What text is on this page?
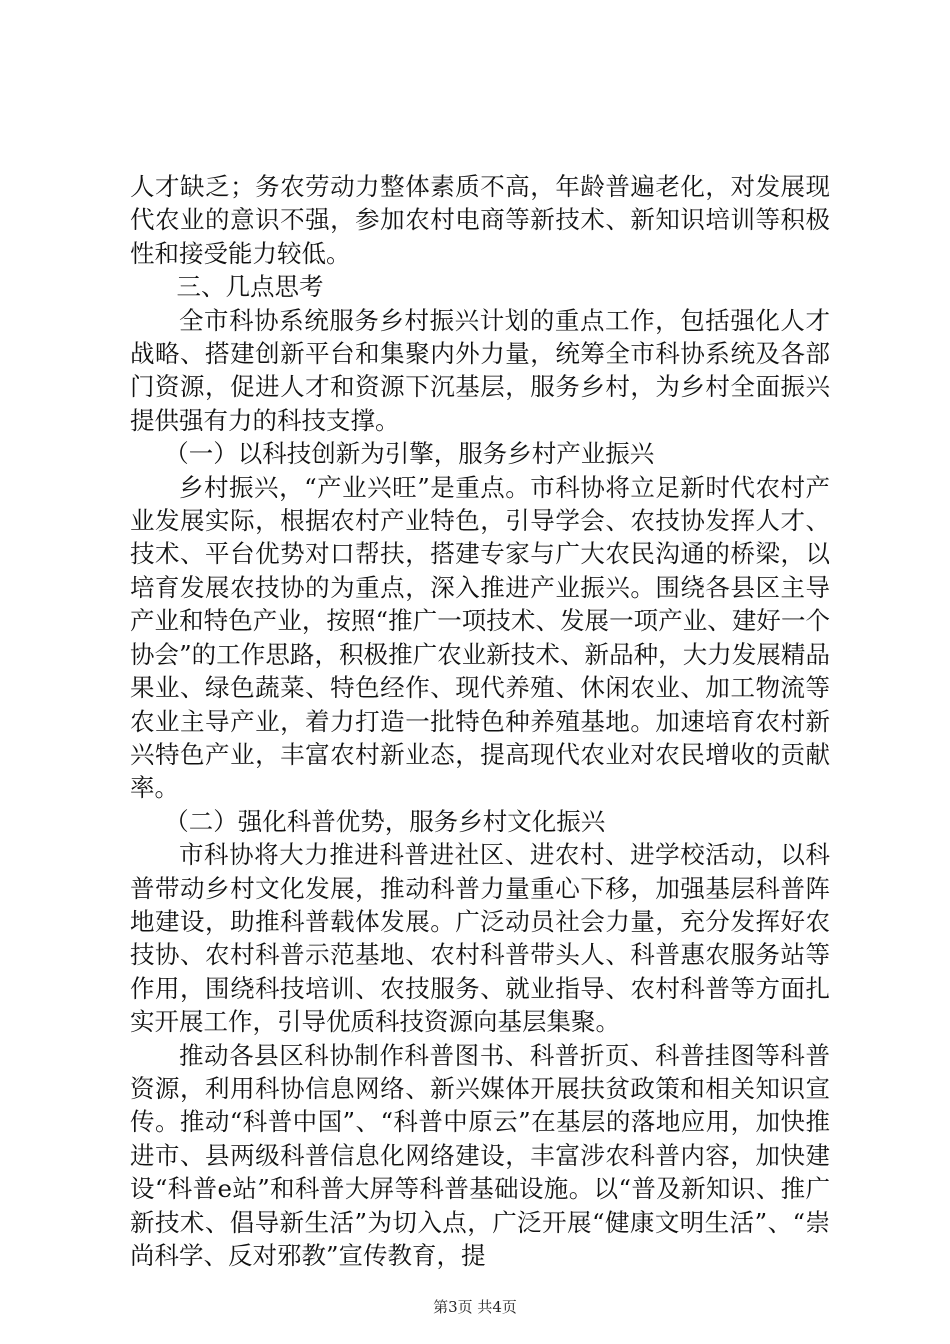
人才缺乏；务农劳动力整体素质不高，年龄普遍老化，对发展现代农业的意识不强，参加农村电商等新技术、新知识培训等积极性和接受能力较低。

三、几点思考

全市科协系统服务乡村振兴计划的重点工作，包括强化人才战略、搭建创新平台和集聚内外力量，统筹全市科协系统及各部门资源，促进人才和资源下沉基层，服务乡村，为乡村全面振兴提供强有力的科技支撑。

（一）以科技创新为引擎，服务乡村产业振兴

乡村振兴，“产业兴旺”是重点。市科协将立足新时代农村产业发展实际，根据农村产业特色，引导学会、农技协发挥人才、技术、平台优势对口帮扶，搭建专家与广大农民沟通的桥梁，以培育发展农技协的为重点，深入推进产业振兴。围绕各县区主导产业和特色产业，按照“推广一项技术、发展一项产业、建好一个协会”的工作思路，积极推广农业新技术、新品种，大力发展精品果业、绿色蔬菜、特色经作、现代养殖、休闲农业、加工物流等农业主导产业，着力打造一批特色种养殖基地。加速培育农村新兴特色产业，丰富农村新业态，提高现代农业对农民增收的贡献率。

（二）强化科普优势，服务乡村文化振兴

市科协将大力推进科普进社区、进农村、进学校活动，以科普带动乡村文化发展，推动科普力量重心下移，加强基层科普阵地建设，助推科普载体发展。广泛动员社会力量，充分发挥好农技协、农村科普示范基地、农村科普带头人、科普惠农服务站等作用，围绕科技培训、农技服务、就业指导、农村科普等方面扎实开展工作，引导优质科技资源向基层集聚。

推动各县区科协制作科普图书、科普折页、科普挂图等科普资源，利用科协信息网络、新兴媒体开展扶贫政策和相关知识宣传。推动“科普中国”、“科普中原云”在基层的落地应用，加快推进市、县两级科普信息化网络建设，丰富涉农科普内容，加快建设“科普e站”和科普大屏等科普基础设施。以“普及新知识、推广新技术、倡导新生活”为切入点，广泛开展“健康文明生活”、“崇尚科学、反对邪教”宣传教育，提

第3页 共4页
